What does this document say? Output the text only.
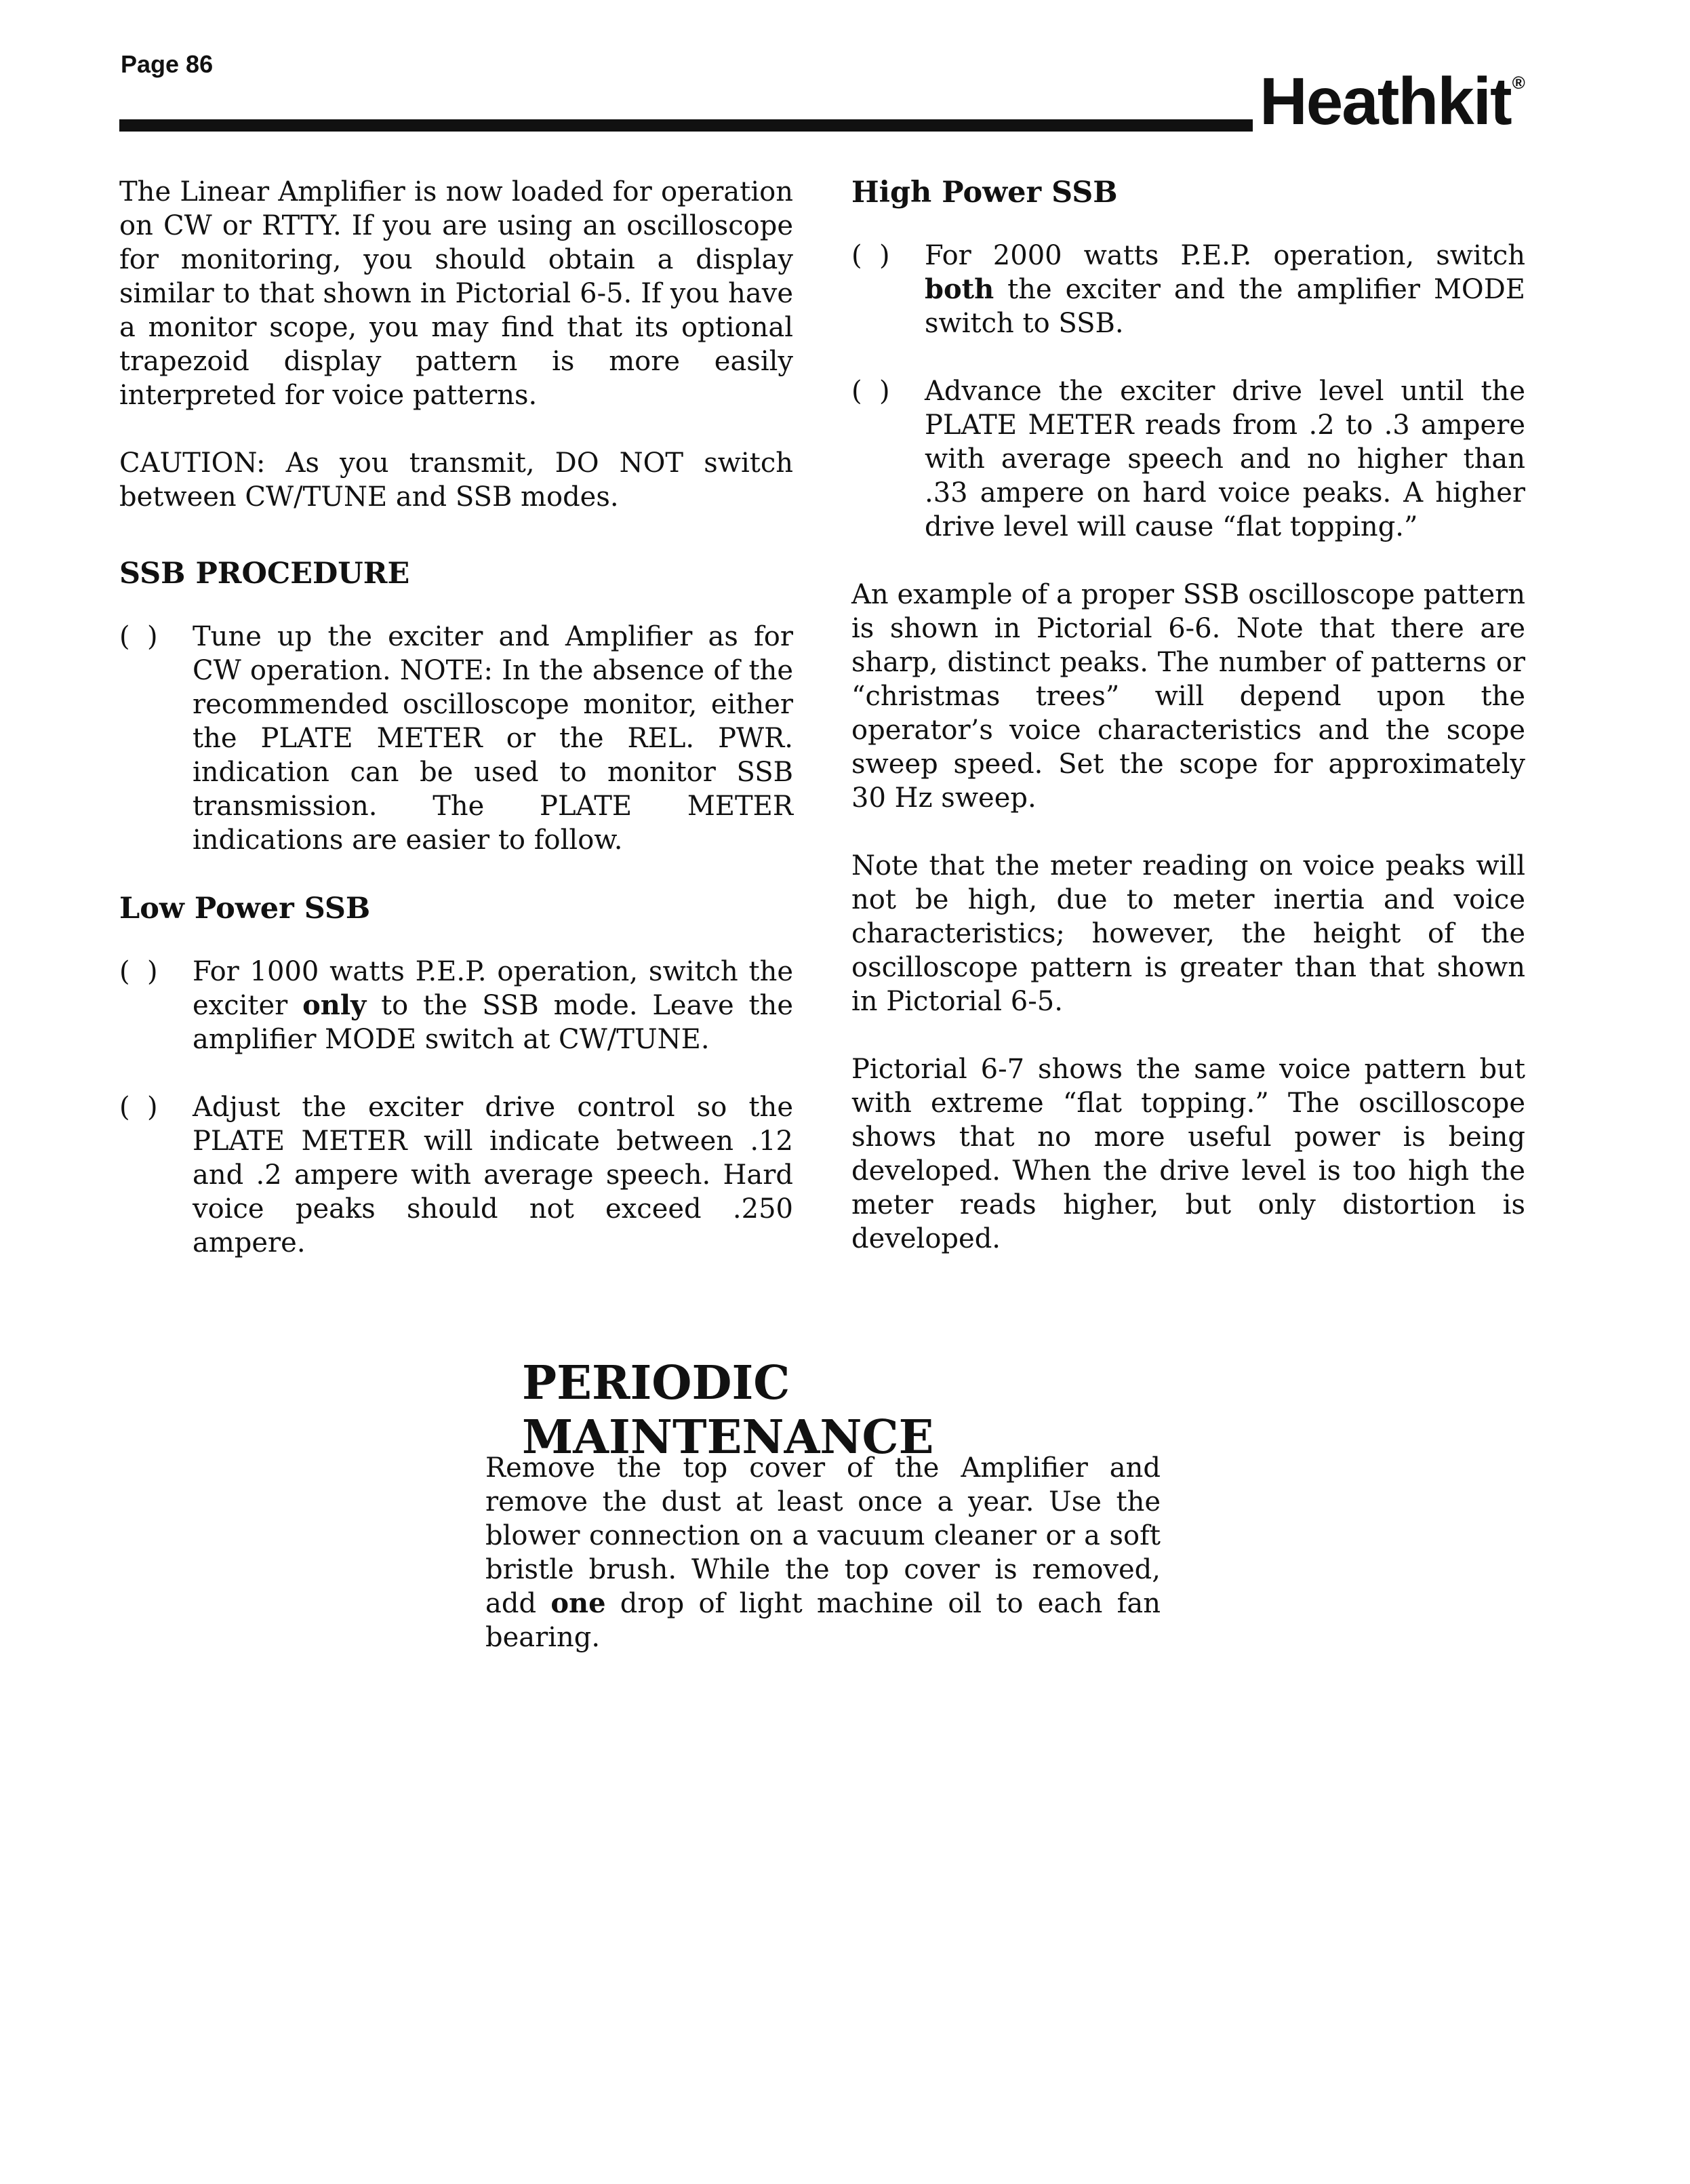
Page 86	Heathkit®

The Linear Amplifier is now loaded for operation on CW or RTTY. If you are using an oscilloscope for monitoring, you should obtain a display similar to that shown in Pictorial 6-5. If you have a monitor scope, you may find that its optional trapezoid display pattern is more easily interpreted for voice patterns.

CAUTION: As you transmit, DO NOT switch between CW/TUNE and SSB modes.

SSB PROCEDURE
(  )	Tune up the exciter and Amplifier as for CW operation. NOTE: In the absence of the recommended oscilloscope monitor, either the PLATE METER or the REL. PWR. indication can be used to monitor SSB transmission. The PLATE METER indications are easier to follow.

Low Power SSB
(  )	For 1000 watts P.E.P. operation, switch the exciter only to the SSB mode. Leave the amplifier MODE switch at CW/TUNE.

(  )	Adjust the exciter drive control so the PLATE METER will indicate between .12 and .2 ampere with average speech. Hard voice peaks should not exceed .250 ampere.

High Power SSB
(  )	For 2000 watts P.E.P. operation, switch both the exciter and the amplifier MODE switch to SSB.

(  )	Advance the exciter drive level until the PLATE METER reads from .2 to .3 ampere with average speech and no higher than .33 ampere on hard voice peaks. A higher drive level will cause “flat topping.”

An example of a proper SSB oscilloscope pattern is shown in Pictorial 6-6. Note that there are sharp, distinct peaks. The number of patterns or “christmas trees” will depend upon the operator’s voice characteristics and the scope sweep speed. Set the scope for approximately 30 Hz sweep.

Note that the meter reading on voice peaks will not be high, due to meter inertia and voice characteristics; however, the height of the oscilloscope pattern is greater than that shown in Pictorial 6-5.

Pictorial 6-7 shows the same voice pattern but with extreme “flat topping.” The oscilloscope shows that no more useful power is being developed. When the drive level is too high the meter reads higher, but only distortion is developed.

PERIODIC MAINTENANCE

Remove the top cover of the Amplifier and remove the dust at least once a year. Use the blower connection on a vacuum cleaner or a soft bristle brush. While the top cover is removed, add one drop of light machine oil to each fan bearing.
